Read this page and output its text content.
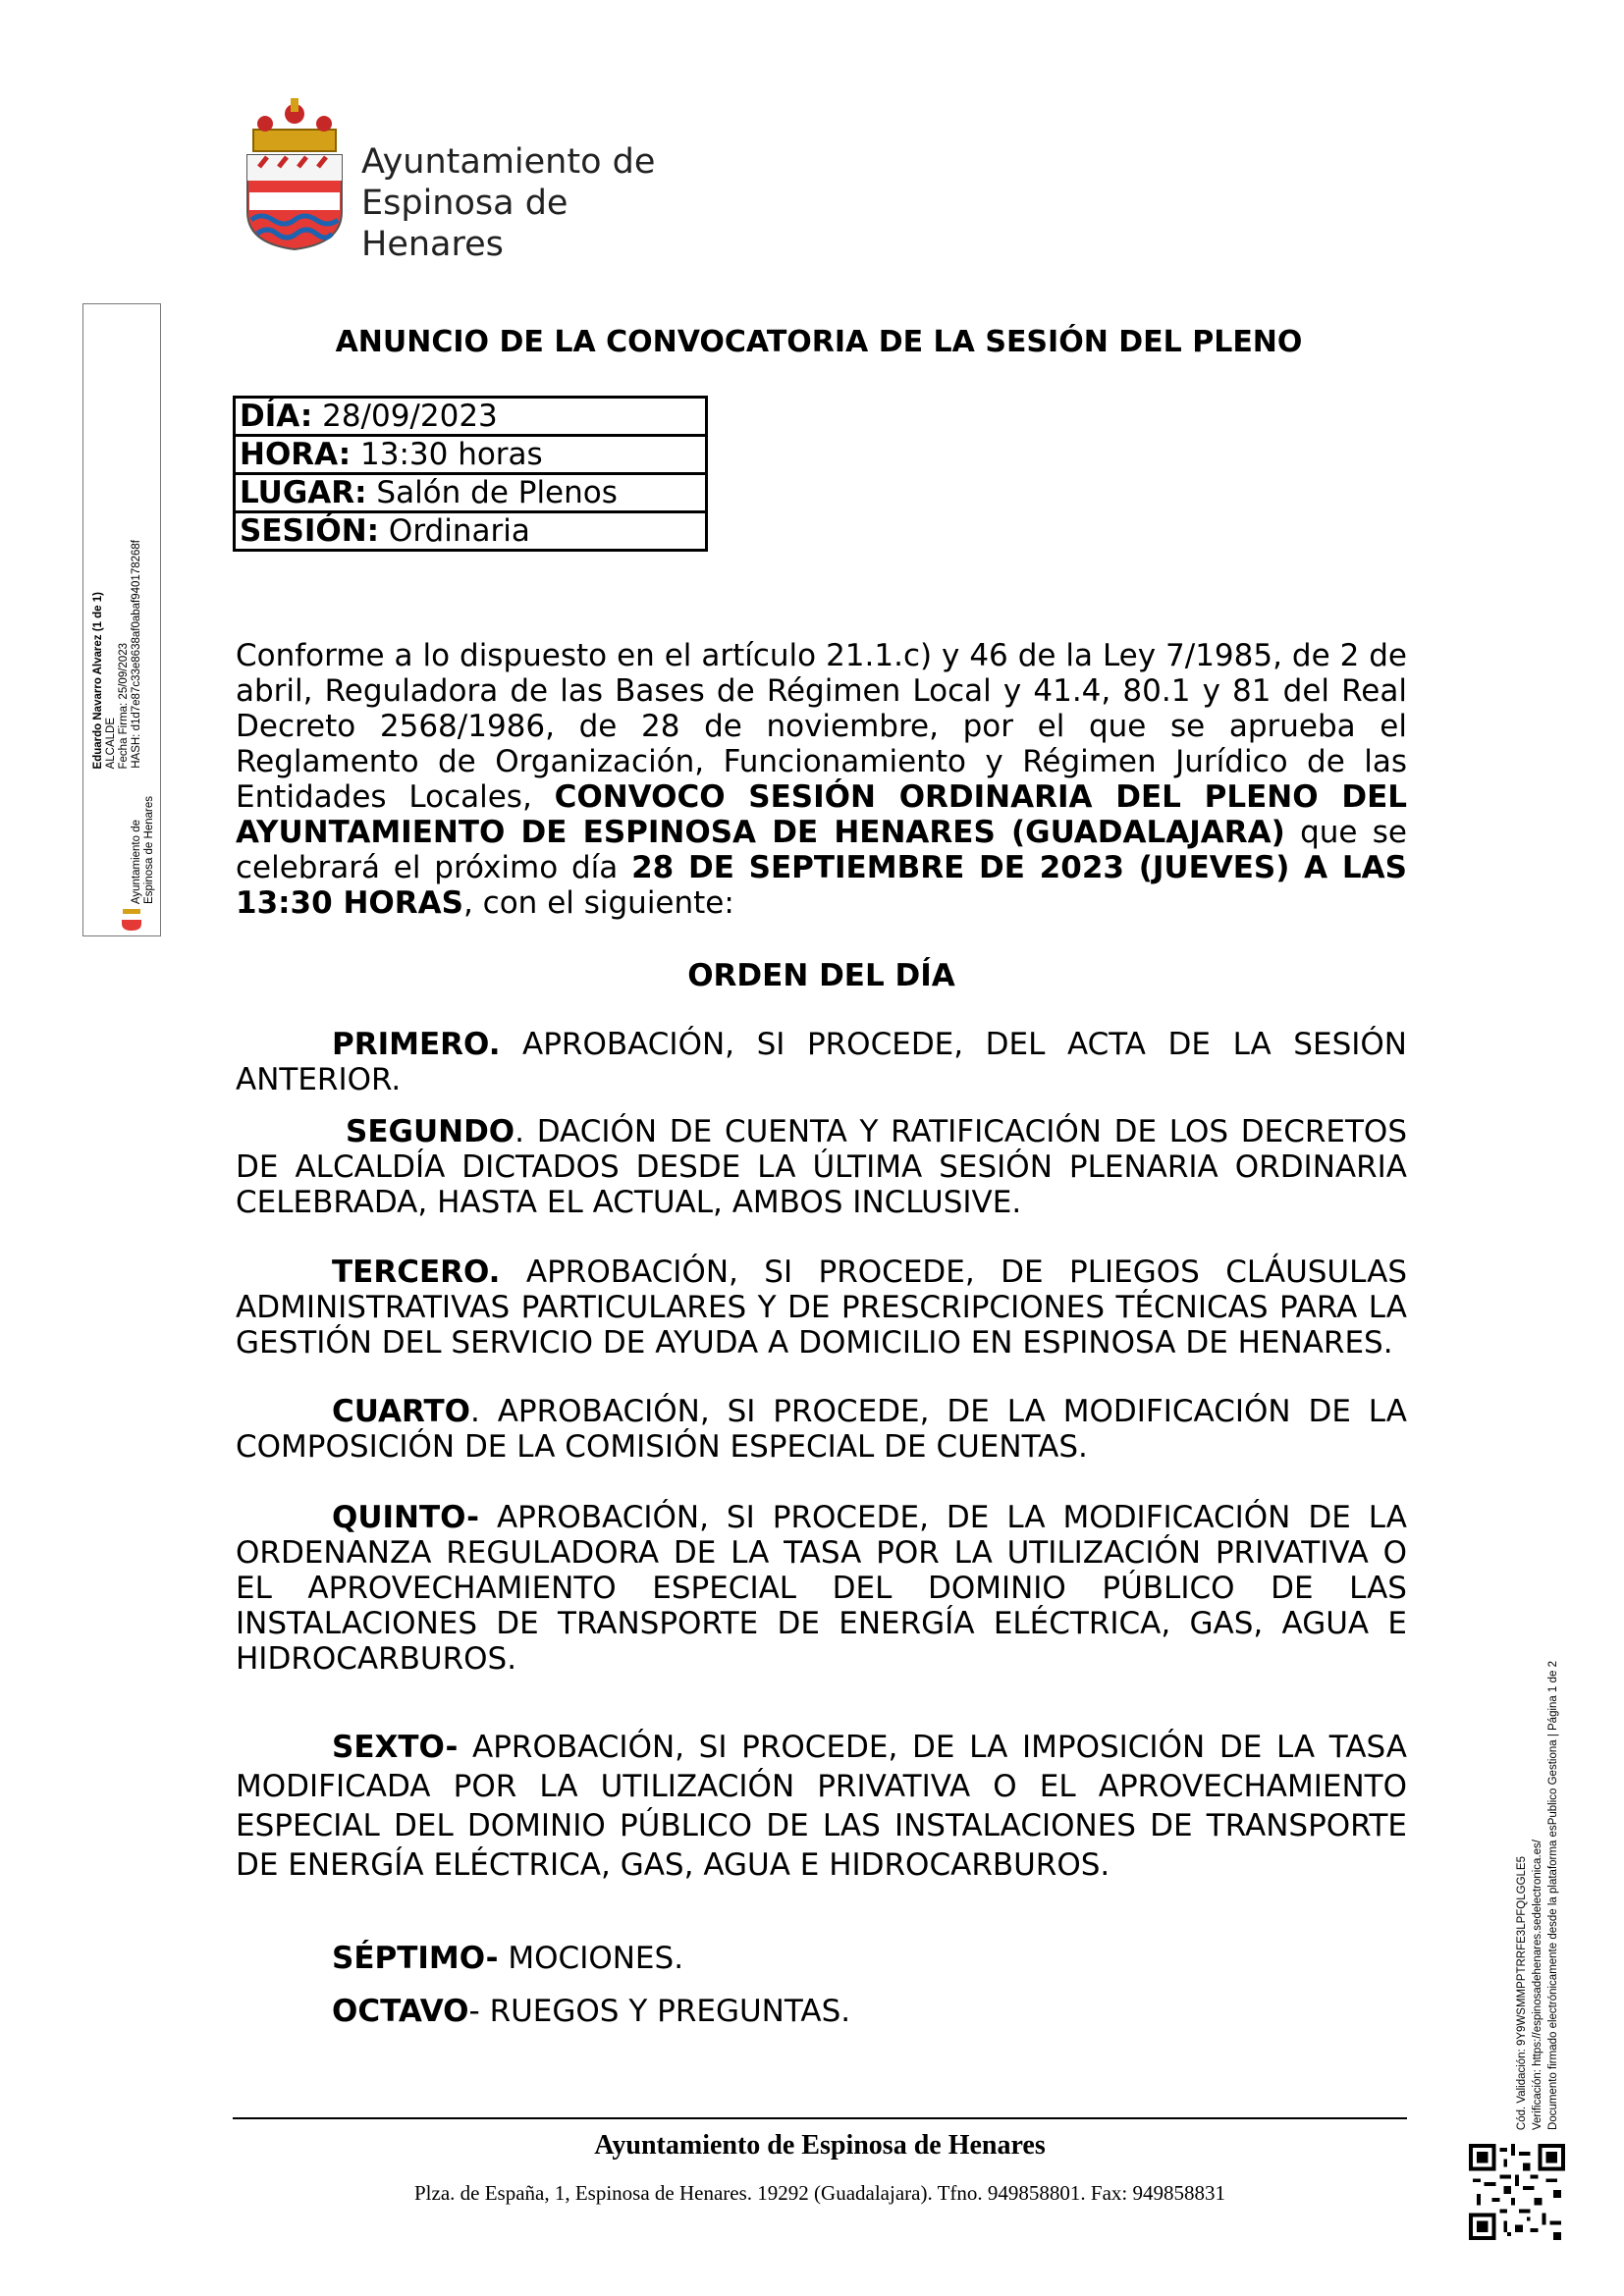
Ayuntamiento de
Espinosa de Henares
Eduardo Navarro Alvarez (1 de 1) ALCALDE Fecha Firma: 25/09/2023 HASH: d1d7e87c33e8638af0abaf940178268f
Ayuntamiento de Espinosa de Henares
ANUNCIO DE LA CONVOCATORIA DE LA SESIÓN DEL PLENO
DÍA: 28/09/2023
HORA: 13:30 horas
LUGAR: Salón de Plenos
SESIÓN: Ordinaria
Conforme a lo dispuesto en el artículo 21.1.c) y 46 de la Ley 7/1985, de 2 de abril, Reguladora de las Bases de Régimen Local y 41.4, 80.1 y 81 del Real Decreto 2568/1986, de 28 de noviembre, por el que se aprueba el Reglamento de Organización, Funcionamiento y Régimen Jurídico de las Entidades Locales, CONVOCO SESIÓN ORDINARIA DEL PLENO DEL AYUNTAMIENTO DE ESPINOSA DE HENARES (GUADALAJARA) que se celebrará el próximo día 28 DE SEPTIEMBRE DE 2023 (JUEVES) A LAS 13:30 HORAS, con el siguiente:
ORDEN DEL DÍA
PRIMERO. APROBACIÓN, SI PROCEDE, DEL ACTA DE LA SESIÓN ANTERIOR.
SEGUNDO. DACIÓN DE CUENTA Y RATIFICACIÓN DE LOS DECRETOS DE ALCALDÍA DICTADOS DESDE LA ÚLTIMA SESIÓN PLENARIA ORDINARIA CELEBRADA, HASTA EL ACTUAL, AMBOS INCLUSIVE.
TERCERO. APROBACIÓN, SI PROCEDE, DE PLIEGOS CLÁUSULAS ADMINISTRATIVAS PARTICULARES Y DE PRESCRIPCIONES TÉCNICAS PARA LA GESTIÓN DEL SERVICIO DE AYUDA A DOMICILIO EN ESPINOSA DE HENARES.
CUARTO. APROBACIÓN, SI PROCEDE, DE LA MODIFICACIÓN DE LA COMPOSICIÓN DE LA COMISIÓN ESPECIAL DE CUENTAS.
QUINTO- APROBACIÓN, SI PROCEDE, DE LA MODIFICACIÓN DE LA ORDENANZA REGULADORA DE LA TASA POR LA UTILIZACIÓN PRIVATIVA O EL APROVECHAMIENTO ESPECIAL DEL DOMINIO PÚBLICO DE LAS INSTALACIONES DE TRANSPORTE DE ENERGÍA ELÉCTRICA, GAS, AGUA E HIDROCARBUROS.
SEXTO- APROBACIÓN, SI PROCEDE, DE LA IMPOSICIÓN DE LA TASA MODIFICADA POR LA UTILIZACIÓN PRIVATIVA O EL APROVECHAMIENTO ESPECIAL DEL DOMINIO PÚBLICO DE LAS INSTALACIONES DE TRANSPORTE DE ENERGÍA ELÉCTRICA, GAS, AGUA E HIDROCARBUROS.
SÉPTIMO- MOCIONES.
OCTAVO- RUEGOS Y PREGUNTAS.
Ayuntamiento de Espinosa de Henares
Plza. de España, 1, Espinosa de Henares. 19292 (Guadalajara). Tfno. 949858801. Fax: 949858831
Cód. Validación: 9Y9WSMMPPTRRFE3LPFQLGGLE5 Verificación: https://espinosadehenares.sedelectronica.es/ Documento firmado electrónicamente desde la plataforma esPublico Gestiona | Página 1 de 2
